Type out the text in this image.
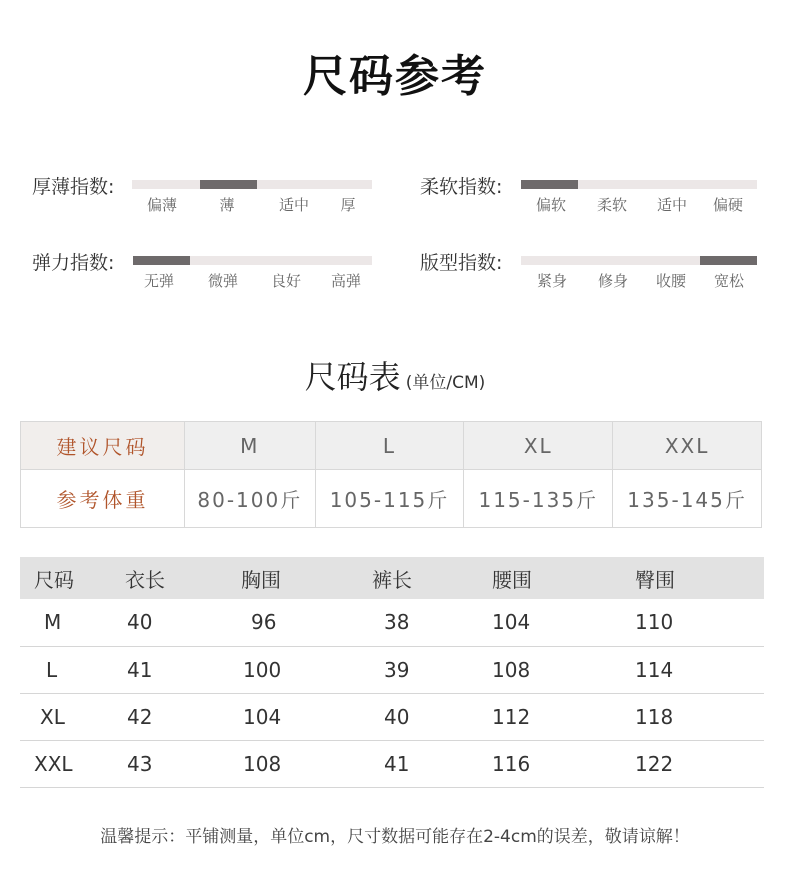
尺码参考
厚薄指数:
偏薄	薄	适中	厚
柔软指数:
偏软	柔软	适中	偏硬
弹力指数:
无弹	微弹	良好	高弹
版型指数:
紧身	修身	收腰	宽松
尺码表 (单位/CM)
建议尺码	M	L	XL	XXL
参考体重	80-100斤	105-115斤	115-135斤	135-145斤
尺码	衣长	胸围	裤长	腰围	臀围
M	40	96	38	104	110
L	41	100	39	108	114
XL	42	104	40	112	118
XXL	43	108	41	116	122
温馨提示：平铺测量，单位cm，尺寸数据可能存在2-4cm的误差，敬请谅解！
